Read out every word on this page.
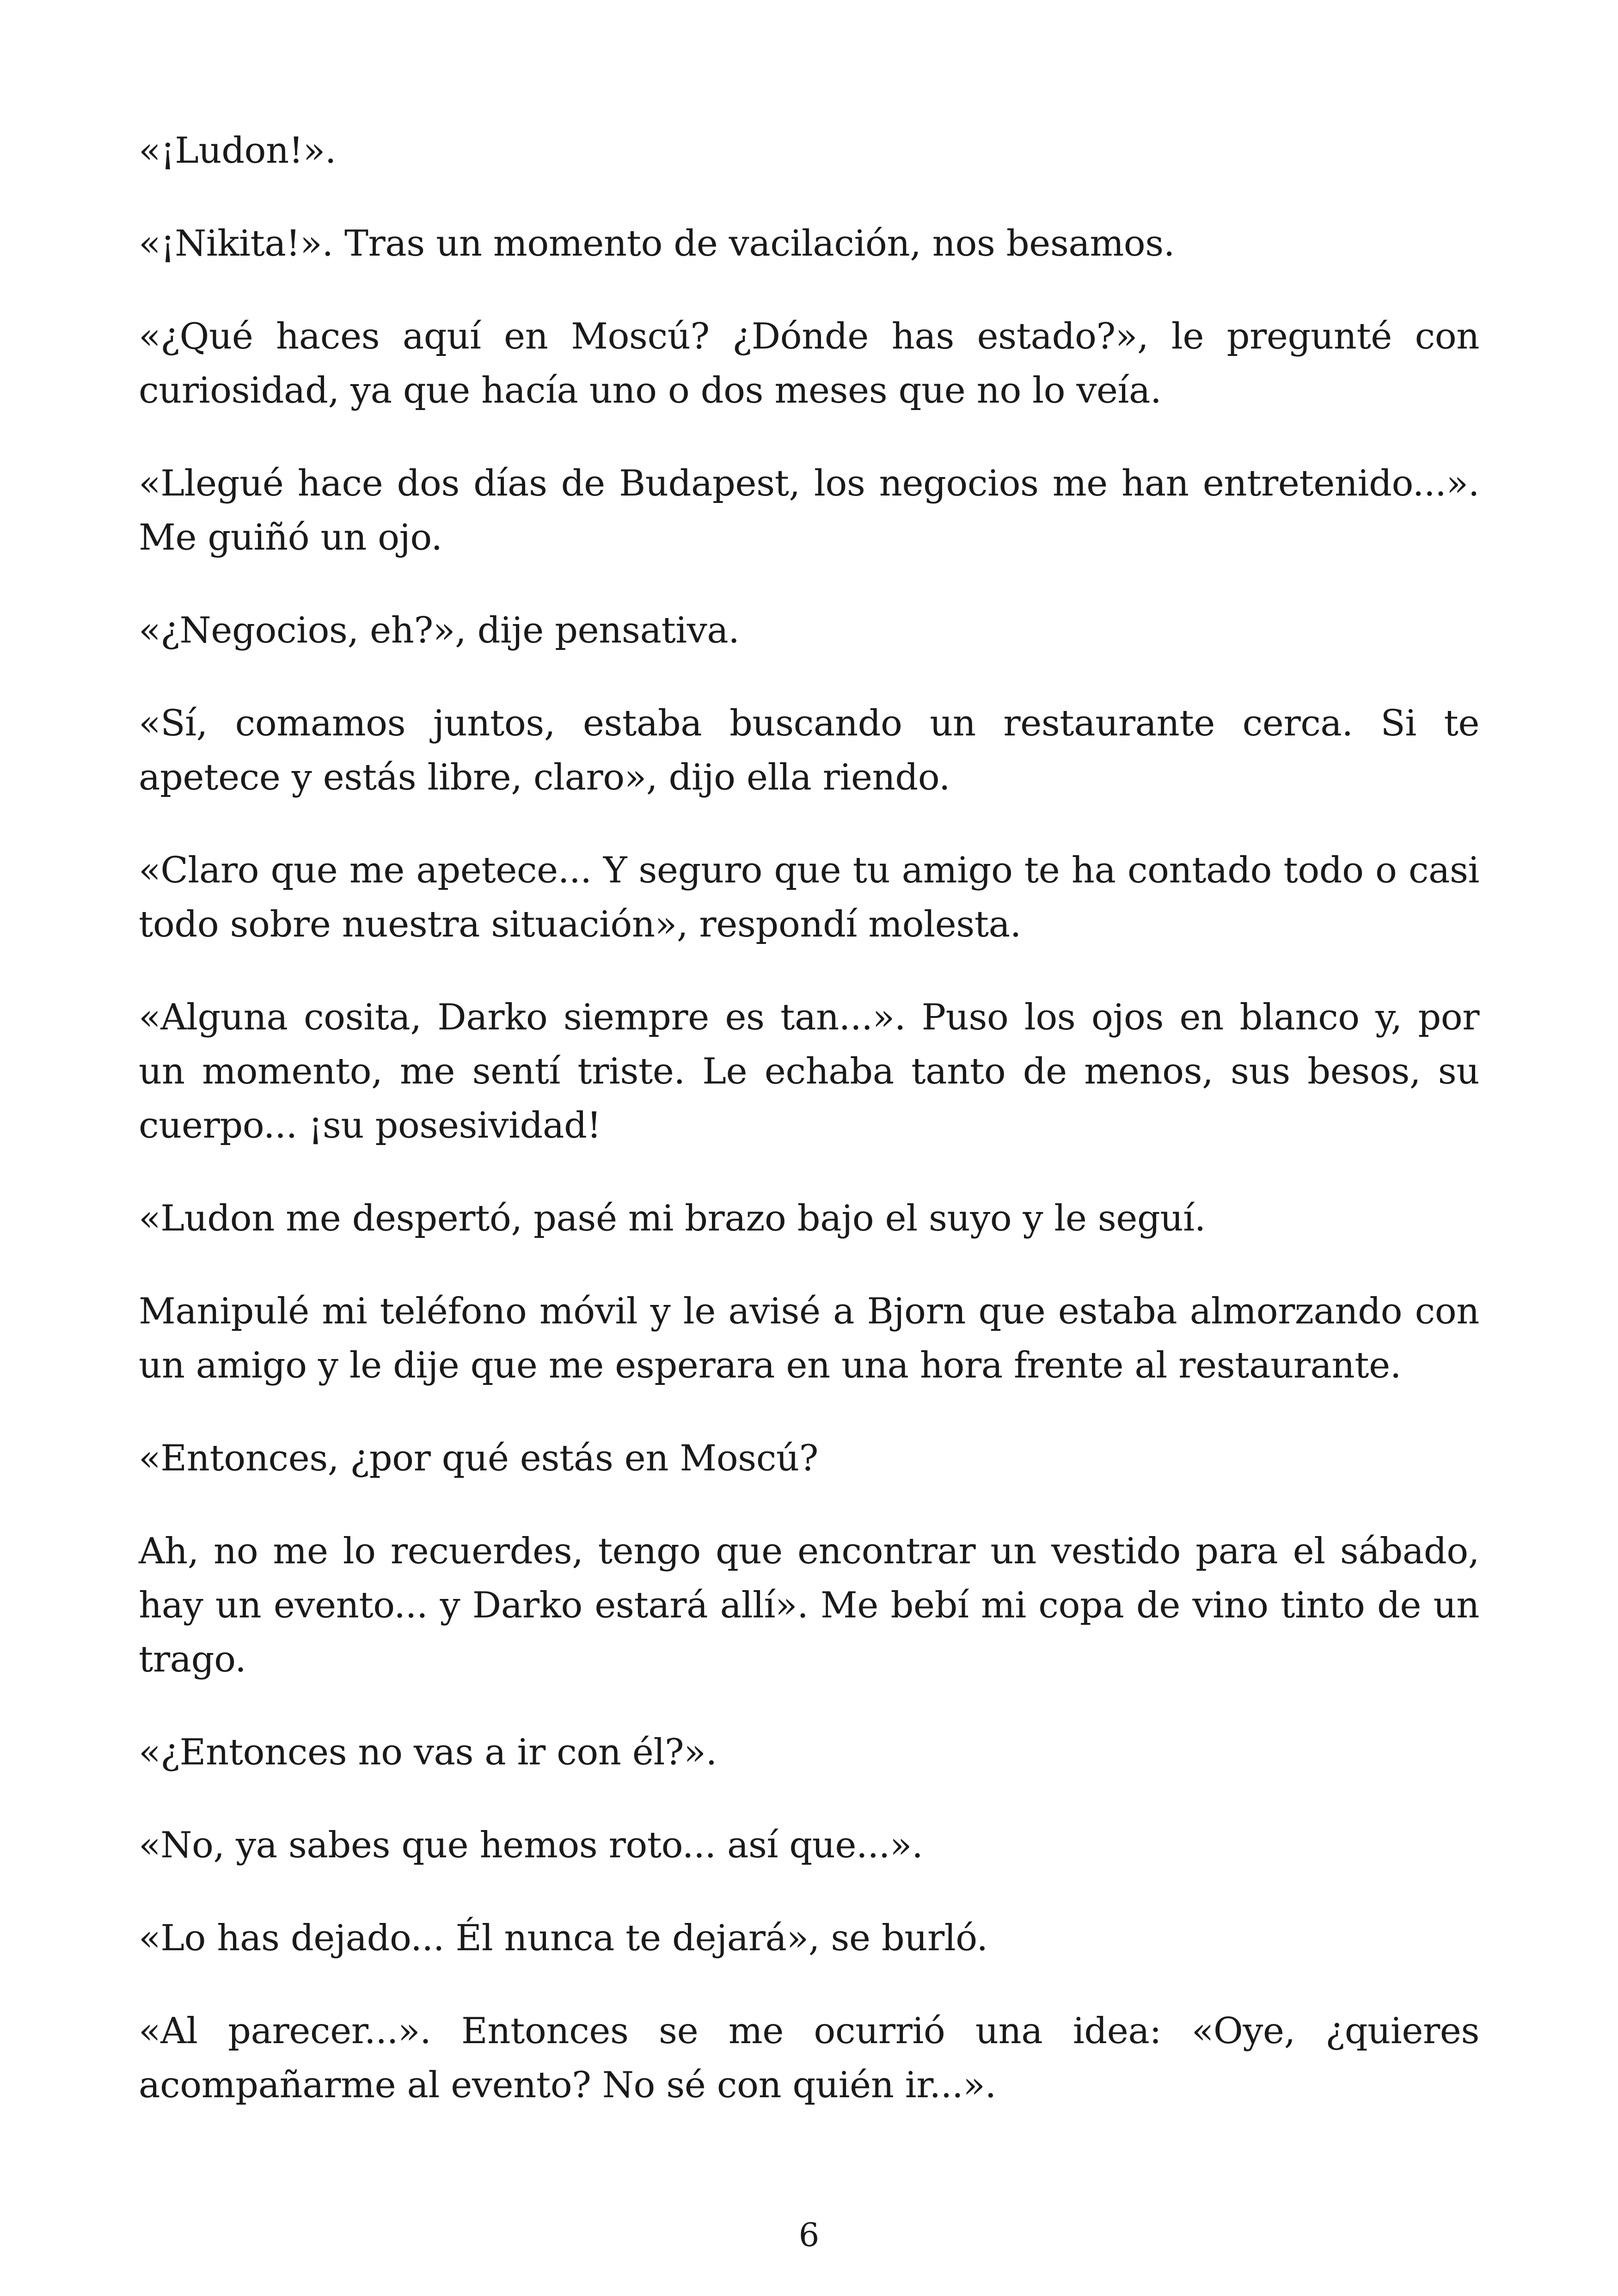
«¡Ludon!».

«¡Nikita!». Tras un momento de vacilación, nos besamos.

«¿Qué haces aquí en Moscú? ¿Dónde has estado?», le pregunté con curiosidad, ya que hacía uno o dos meses que no lo veía.

«Llegué hace dos días de Budapest, los negocios me han entretenido...». Me guiñó un ojo.

«¿Negocios, eh?», dije pensativa.

«Sí, comamos juntos, estaba buscando un restaurante cerca. Si te apetece y estás libre, claro», dijo ella riendo.

«Claro que me apetece... Y seguro que tu amigo te ha contado todo o casi todo sobre nuestra situación», respondí molesta.

«Alguna cosita, Darko siempre es tan...». Puso los ojos en blanco y, por un momento, me sentí triste. Le echaba tanto de menos, sus besos, su cuerpo... ¡su posesividad!

«Ludon me despertó, pasé mi brazo bajo el suyo y le seguí.

Manipulé mi teléfono móvil y le avisé a Bjorn que estaba almorzando con un amigo y le dije que me esperara en una hora frente al restaurante.

«Entonces, ¿por qué estás en Moscú?

Ah, no me lo recuerdes, tengo que encontrar un vestido para el sábado, hay un evento... y Darko estará allí». Me bebí mi copa de vino tinto de un trago.

«¿Entonces no vas a ir con él?».

«No, ya sabes que hemos roto... así que...».

«Lo has dejado... Él nunca te dejará», se burló.

«Al parecer...». Entonces se me ocurrió una idea: «Oye, ¿quieres acompañarme al evento? No sé con quién ir...».

6
